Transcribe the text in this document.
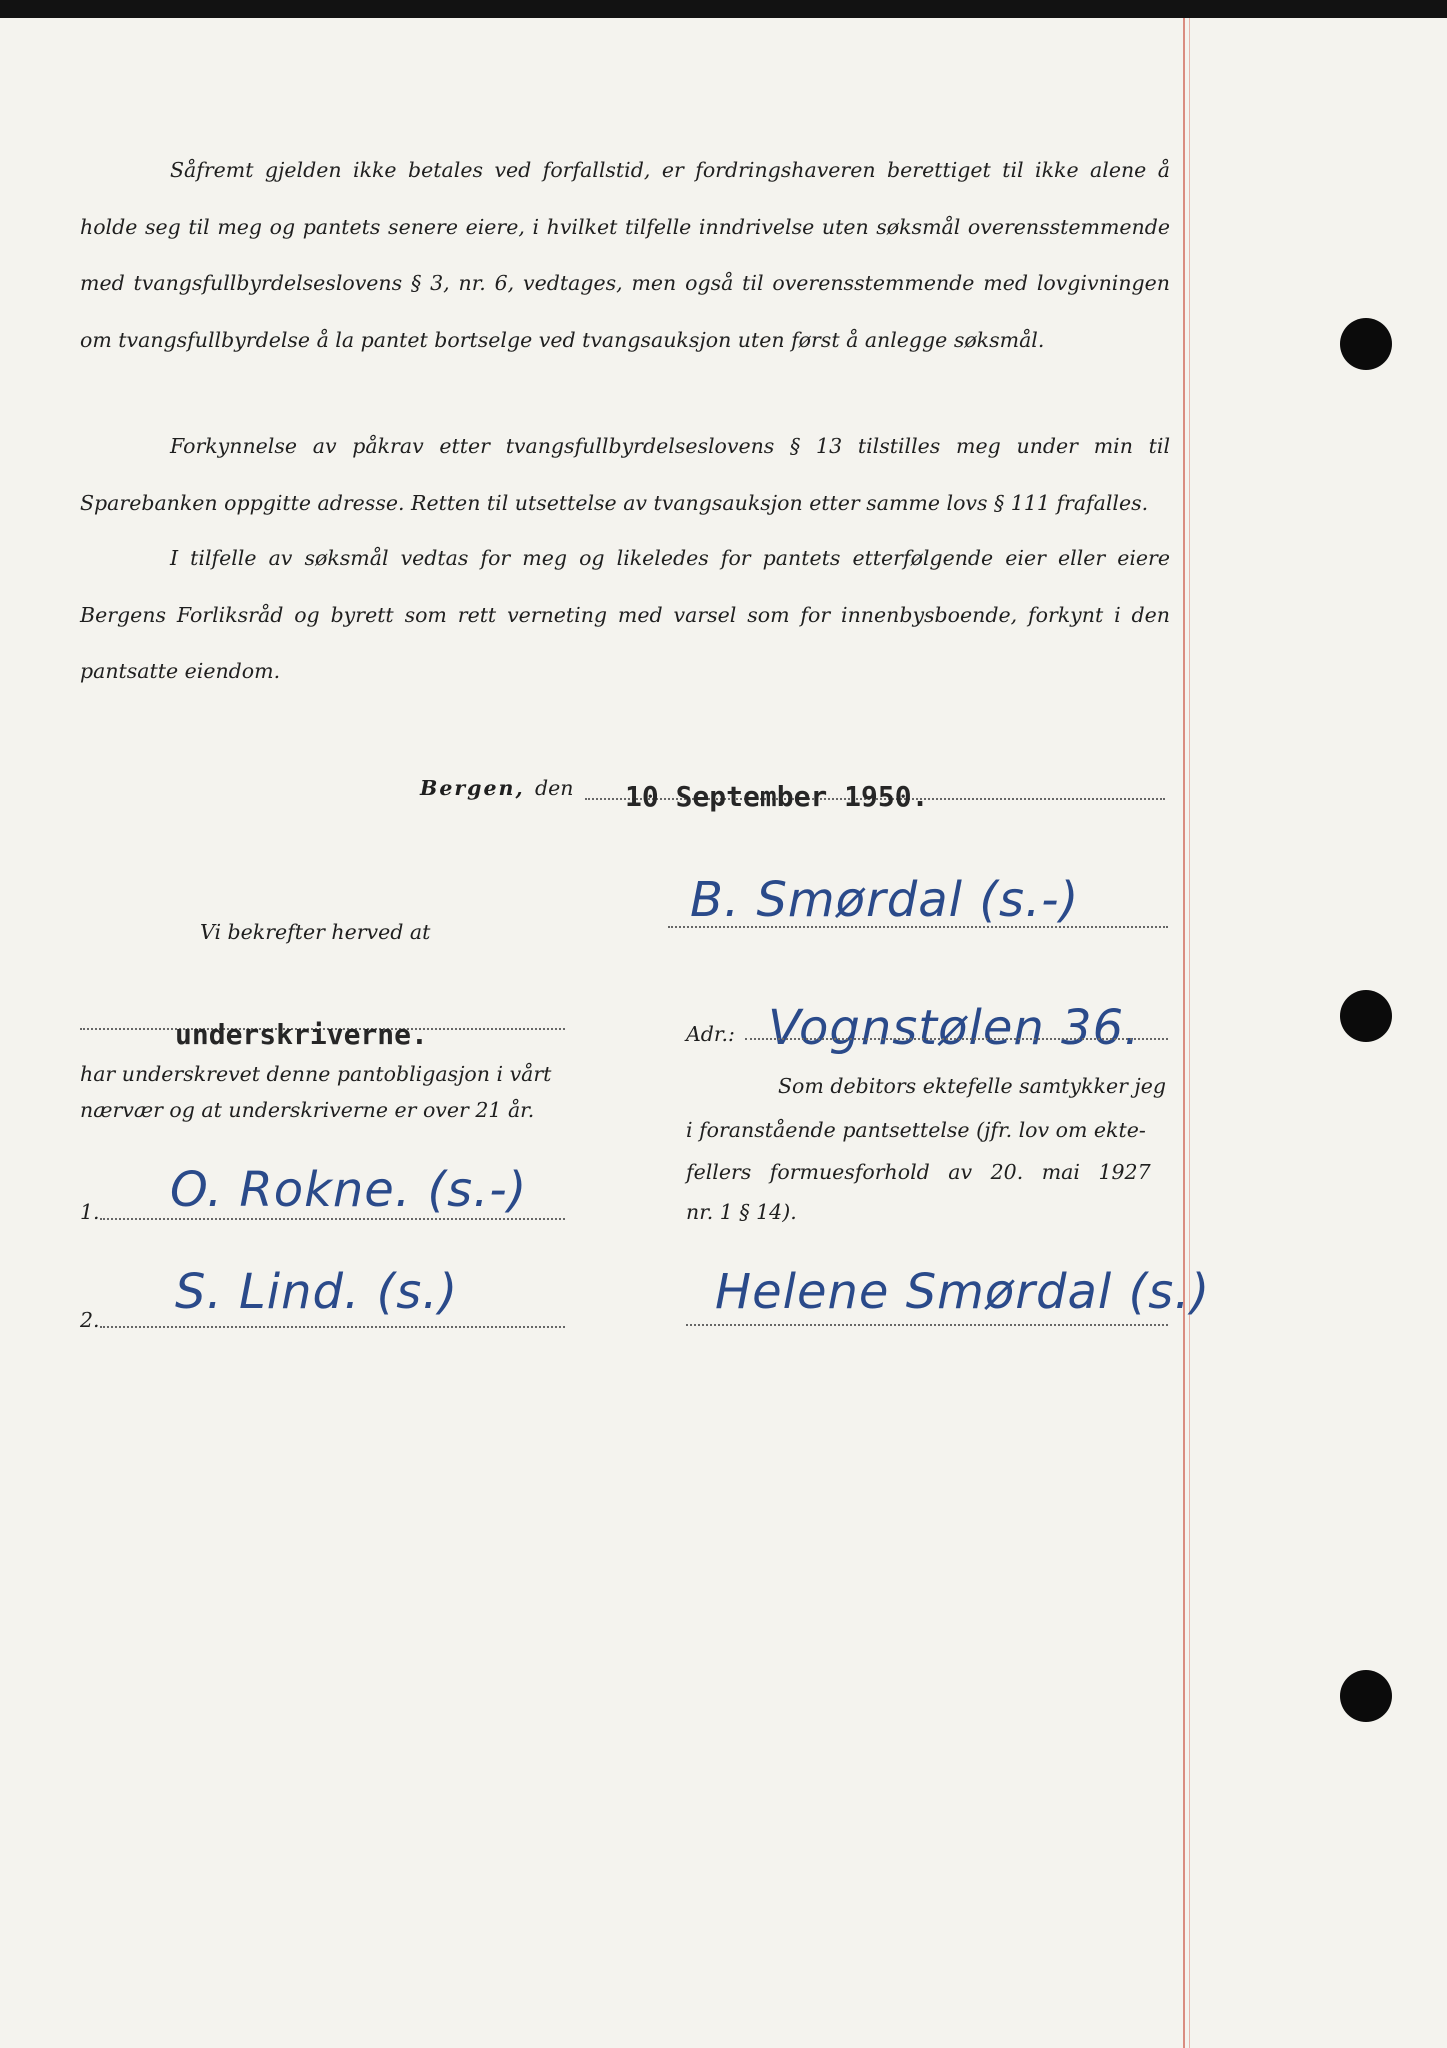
Såfremt gjelden ikke betales ved forfallstid, er fordringshaveren berettiget til ikke alene å holde seg til meg og pantets senere eiere, i hvilket tilfelle inndrivelse uten søksmål overensstemmende med tvangsfullbyrdelseslovens § 3, nr. 6, vedtages, men også til overensstemmende med lovgivningen om tvangsfullbyrdelse å la pantet bortselge ved tvangsauksjon uten først å anlegge søksmål.
Forkynnelse av påkrav etter tvangsfullbyrdelseslovens § 13 tilstilles meg under min til Sparebanken oppgitte adresse. Retten til utsettelse av tvangsauksjon etter samme lovs § 111 frafalles.
I tilfelle av søksmål vedtas for meg og likeledes for pantets etterfølgende eier eller eiere Bergens Forliksråd og byrett som rett verneting med varsel som for innenbysboende, forkynt i den pantsatte eiendom.
Bergen, den 10 September 1950.
B. Smørdal (s.-)
Vi bekrefter herved at
underskriverne.
har underskrevet denne pantobligasjon i vårt
nærvær og at underskriverne er over 21 år.
1. O. Rokne. (s.-)
2. S. Lind. (s.)
Adr.: Vognstølen 36.
Som debitors ektefelle samtykker jeg
i foranstående pantsettelse (jfr. lov om ekte-
fellers formuesforhold av 20. mai 1927
nr. 1 § 14).
Helene Smørdal (s.)
